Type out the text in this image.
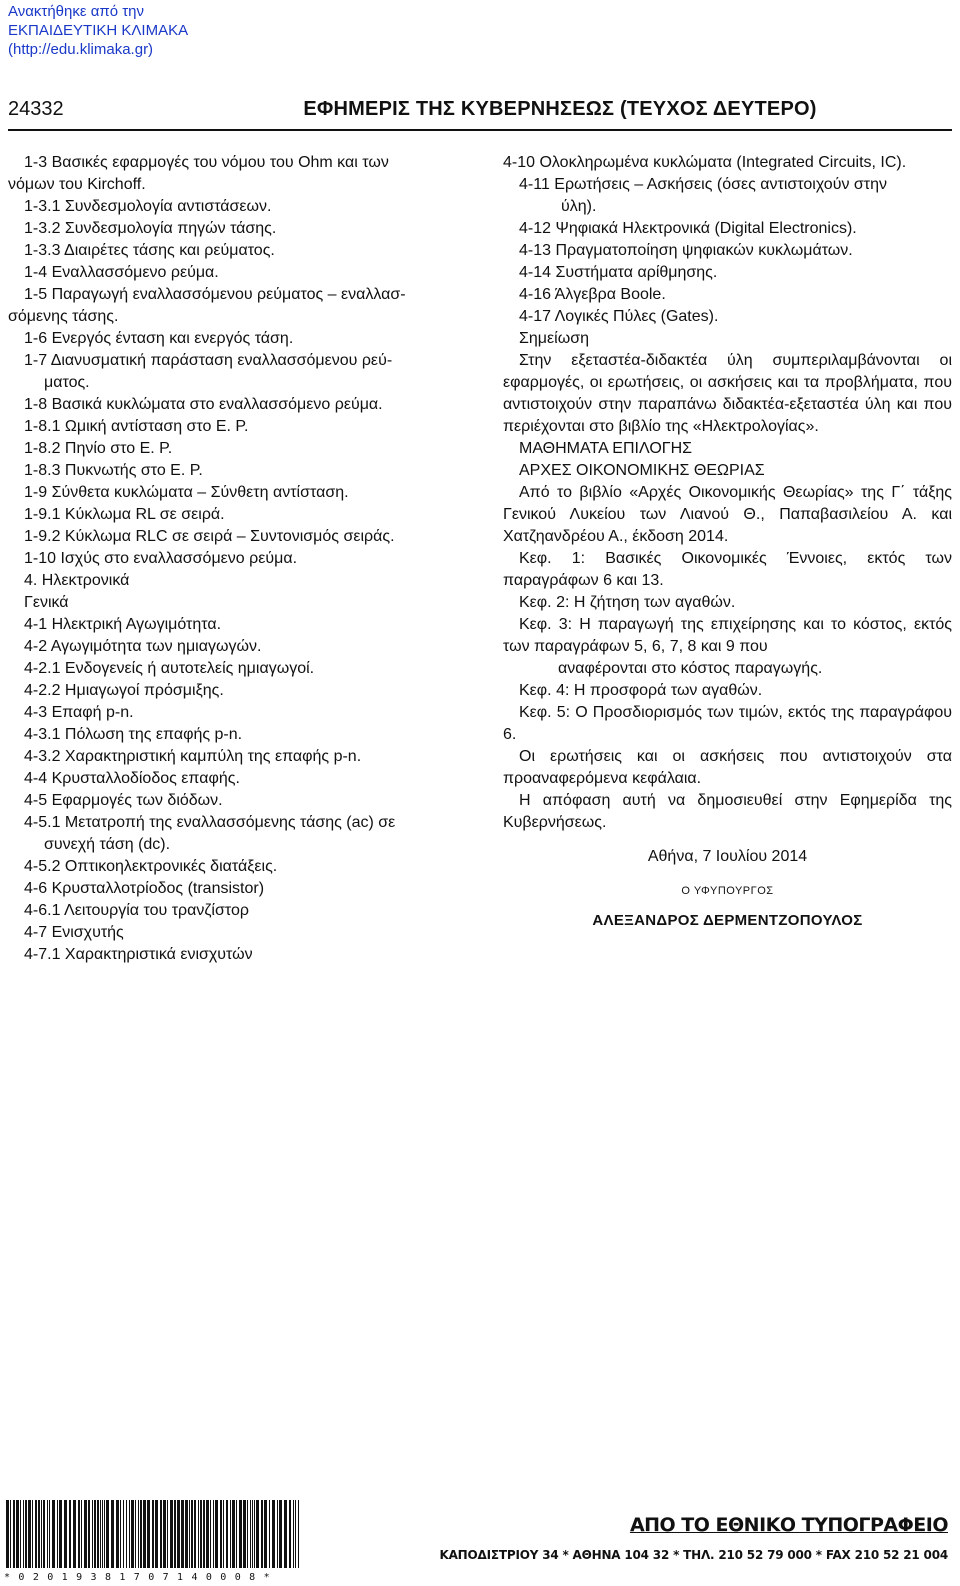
Ανακτήθηκε από την
ΕΚΠΑΙΔΕΥΤΙΚΗ ΚΛΙΜΑΚΑ
(http://edu.klimaka.gr)
24332	ΕΦΗΜΕΡΙΣ ΤΗΣ ΚΥΒΕΡΝΗΣΕΩΣ (ΤΕΥΧΟΣ ΔΕΥΤΕΡΟ)
1-3 Βασικές εφαρμογές του νόμου του Ohm και των
νόμων του Kirchoff.
1-3.1 Συνδεσμολογία αντιστάσεων.
1-3.2 Συνδεσμολογία πηγών τάσης.
1-3.3 Διαιρέτες τάσης και ρεύματος.
1-4 Εναλλασσόμενο ρεύμα.
1-5 Παραγωγή εναλλασσόμενου ρεύματος – εναλλασ-
σόμενης τάσης.
1-6 Ενεργός ένταση και ενεργός τάση.
1-7 Διανυσματική παράσταση εναλλασσόμενου ρεύ-
ματος.
1-8 Βασικά κυκλώματα στο εναλλασσόμενο ρεύμα.
1-8.1 Ωμική αντίσταση στο Ε. Ρ.
1-8.2 Πηνίο στο Ε. Ρ.
1-8.3 Πυκνωτής στο Ε. Ρ.
1-9 Σύνθετα κυκλώματα – Σύνθετη αντίσταση.
1-9.1 Κύκλωμα RL σε σειρά.
1-9.2 Κύκλωμα RLC σε σειρά – Συντονισμός σειράς.
1-10 Ισχύς στο εναλλασσόμενο ρεύμα.
4. Ηλεκτρονικά
Γενικά
4-1 Ηλεκτρική Αγωγιμότητα.
4-2 Αγωγιμότητα των ημιαγωγών.
4-2.1 Ενδογενείς ή αυτοτελείς ημιαγωγοί.
4-2.2 Ημιαγωγοί πρόσμιξης.
4-3 Επαφή p-n.
4-3.1 Πόλωση της επαφής p-n.
4-3.2 Χαρακτηριστική καμπύλη της επαφής p-n.
4-4 Κρυσταλλοδίοδος επαφής.
4-5 Εφαρμογές των διόδων.
4-5.1 Μετατροπή της εναλλασσόμενης τάσης (ac) σε
συνεχή τάση (dc).
4-5.2 Οπτικοηλεκτρονικές διατάξεις.
4-6 Κρυσταλλοτρίοδος (transistor)
4-6.1 Λειτουργία του τρανζίστορ
4-7 Ενισχυτής
4-7.1 Χαρακτηριστικά ενισχυτών
4-10 Ολοκληρωμένα κυκλώματα (Integrated Circuits, IC).
4-11 Ερωτήσεις – Ασκήσεις (όσες αντιστοιχούν στην
ύλη).
4-12 Ψηφιακά Ηλεκτρονικά (Digital Electronics).
4-13 Πραγματοποίηση ψηφιακών κυκλωμάτων.
4-14 Συστήματα αρίθμησης.
4-16 Άλγεβρα Boole.
4-17 Λογικές Πύλες (Gates).
Σημείωση
Στην εξεταστέα-διδακτέα ύλη συμπεριλαμβάνονται οι εφαρμογές, οι ερωτήσεις, οι ασκήσεις και τα προβλήματα, που αντιστοιχούν στην παραπάνω διδακτέα-εξεταστέα ύλη και που περιέχονται στο βιβλίο της «Ηλεκτρολογίας».
ΜΑΘΗΜΑΤΑ ΕΠΙΛΟΓΗΣ
ΑΡΧΕΣ ΟΙΚΟΝΟΜΙΚΗΣ ΘΕΩΡΙΑΣ
Από το βιβλίο «Αρχές Οικονομικής Θεωρίας» της Γ΄ τάξης Γενικού Λυκείου των Λιανού Θ., Παπαβασιλείου Α. και Χατζηανδρέου Α., έκδοση 2014.
Κεφ. 1: Βασικές Οικονομικές Έννοιες, εκτός των παραγράφων 6 και 13.
Κεφ. 2: Η ζήτηση των αγαθών.
Κεφ. 3: Η παραγωγή της επιχείρησης και το κόστος, εκτός των παραγράφων 5, 6, 7, 8 και 9 που
αναφέρονται στο κόστος παραγωγής.
Κεφ. 4: Η προσφορά των αγαθών.
Κεφ. 5: Ο Προσδιορισμός των τιμών, εκτός της παραγράφου 6.
Οι ερωτήσεις και οι ασκήσεις που αντιστοιχούν στα προαναφερόμενα κεφάλαια.
Η απόφαση αυτή να δημοσιευθεί στην Εφημερίδα της Κυβερνήσεως.
Αθήνα, 7 Ιουλίου 2014
Ο ΥΦΥΠΟΥΡΓΟΣ
ΑΛΕΞΑΝΔΡΟΣ ΔΕΡΜΕΝΤΖΟΠΟΥΛΟΣ
*02019381707140008*
ΑΠΟ ΤΟ ΕΘΝΙΚΟ ΤΥΠΟΓΡΑΦΕΙΟ
ΚΑΠΟΔΙΣΤΡΙΟΥ 34 * ΑΘΗΝΑ 104 32 * ΤΗΛ. 210 52 79 000 * FAX 210 52 21 004
